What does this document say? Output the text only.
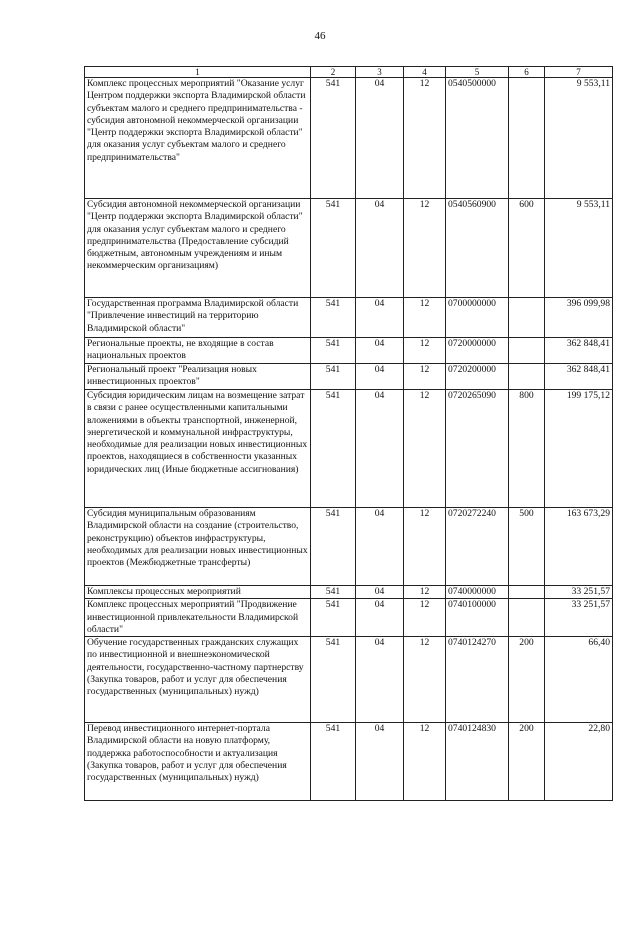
46
1	2	3	4	5	6	7
Комплекс процессных мероприятий "Оказание услуг Центром поддержки экспорта Владимирской области субъектам малого и среднего предпринимательства - субсидия автономной некоммерческой организации "Центр поддержки экспорта Владимирской области" для оказания услуг субъектам малого и среднего предпринимательства"	541	04	12	0540500000		9 553,11
Субсидия автономной некоммерческой организации "Центр поддержки экспорта Владимирской области" для оказания услуг субъектам малого и среднего предпринимательства (Предоставление субсидий бюджетным, автономным учреждениям и иным некоммерческим организациям)	541	04	12	0540560900	600	9 553,11
Государственная программа Владимирской области "Привлечение инвестиций на территорию Владимирской области"	541	04	12	0700000000		396 099,98
Региональные проекты, не входящие в состав национальных проектов	541	04	12	0720000000		362 848,41
Региональный проект "Реализация новых инвестиционных проектов"	541	04	12	0720200000		362 848,41
Субсидия юридическим лицам на возмещение затрат в связи с ранее осуществленными капитальными вложениями в объекты транспортной, инженерной, энергетической и коммунальной инфраструктуры, необходимые для реализации новых инвестиционных проектов, находящиеся в собственности указанных юридических лиц (Иные бюджетные ассигнования)	541	04	12	0720265090	800	199 175,12
Субсидия муниципальным образованиям Владимирской области на создание (строительство, реконструкцию) объектов инфраструктуры, необходимых для реализации новых инвестиционных проектов (Межбюджетные трансферты)	541	04	12	0720272240	500	163 673,29
Комплексы процессных мероприятий	541	04	12	0740000000		33 251,57
Комплекс процессных мероприятий "Продвижение инвестиционной привлекательности Владимирской области"	541	04	12	0740100000		33 251,57
Обучение государственных гражданских служащих по инвестиционной и внешнеэкономической деятельности, государственно-частному партнерству (Закупка товаров, работ и услуг для обеспечения государственных (муниципальных) нужд)	541	04	12	0740124270	200	66,40
Перевод инвестиционного интернет-портала Владимирской области на новую платформу, поддержка работоспособности и актуализация (Закупка товаров, работ и услуг для обеспечения государственных (муниципальных) нужд)	541	04	12	0740124830	200	22,80
